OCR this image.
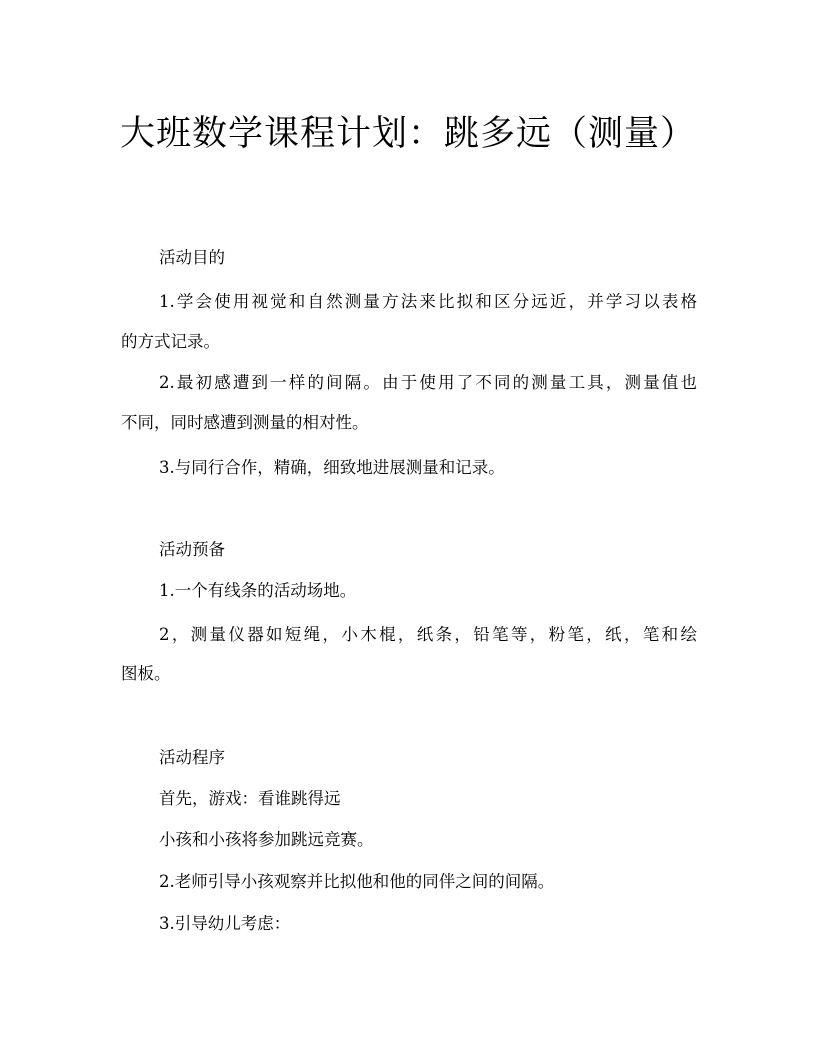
大班数学课程计划：跳多远（测量）

活动目的

1.学会使用视觉和自然测量方法来比拟和区分远近，并学习以表格

的方式记录。

2.最初感遭到一样的间隔。由于使用了不同的测量工具，测量值也

不同，同时感遭到测量的相对性。

3.与同行合作，精确，细致地进展测量和记录。

活动预备

1.一个有线条的活动场地。

2，测量仪器如短绳，小木棍，纸条，铅笔等，粉笔，纸，笔和绘

图板。

活动程序

首先，游戏：看谁跳得远

小孩和小孩将参加跳远竞赛。

2.老师引导小孩观察并比拟他和他的同伴之间的间隔。

3.引导幼儿考虑：
